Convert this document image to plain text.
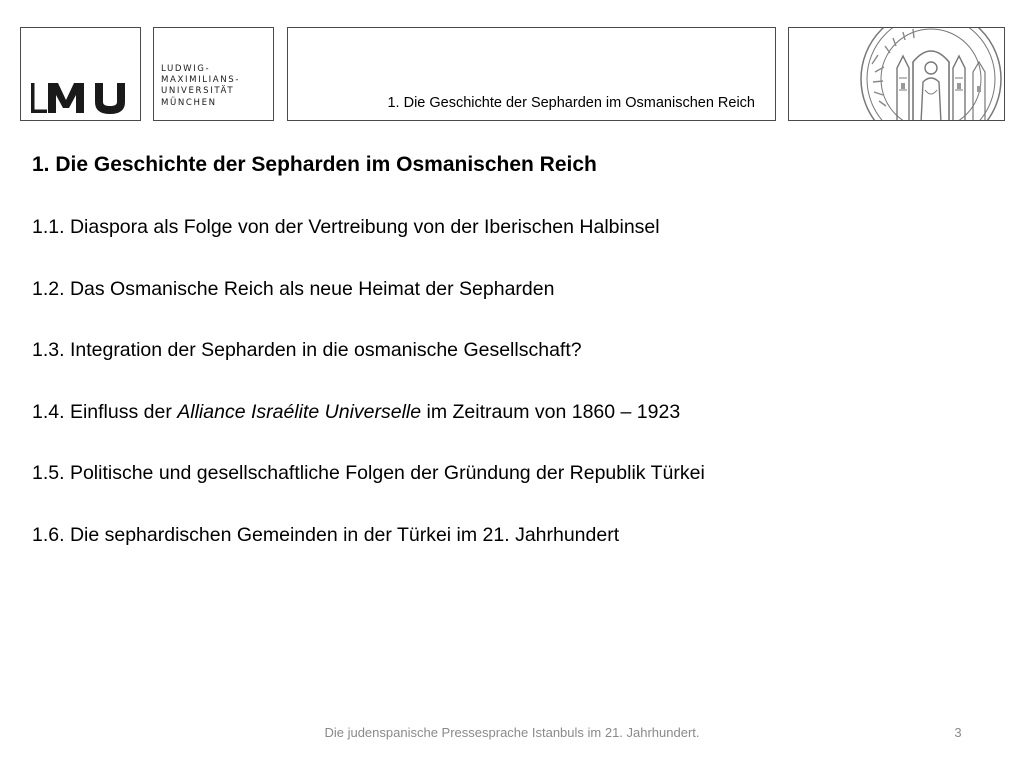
LUDWIG-
MAXIMILIANS-
UNIVERSITÄT
MÜNCHEN	1. Die Geschichte der Sepharden im Osmanischen Reich
1. Die Geschichte der Sepharden im Osmanischen Reich
1.1. Diaspora als Folge von der Vertreibung von der Iberischen Halbinsel
1.2. Das Osmanische Reich als neue Heimat der Sepharden
1.3. Integration der Sepharden in die osmanische Gesellschaft?
1.4. Einfluss der Alliance Israélite Universelle im Zeitraum von 1860 – 1923
1.5. Politische und gesellschaftliche Folgen der Gründung der Republik Türkei
1.6. Die sephardischen Gemeinden in der Türkei im 21. Jahrhundert
Die judenspanische Pressesprache Istanbuls im 21. Jahrhundert.	3
